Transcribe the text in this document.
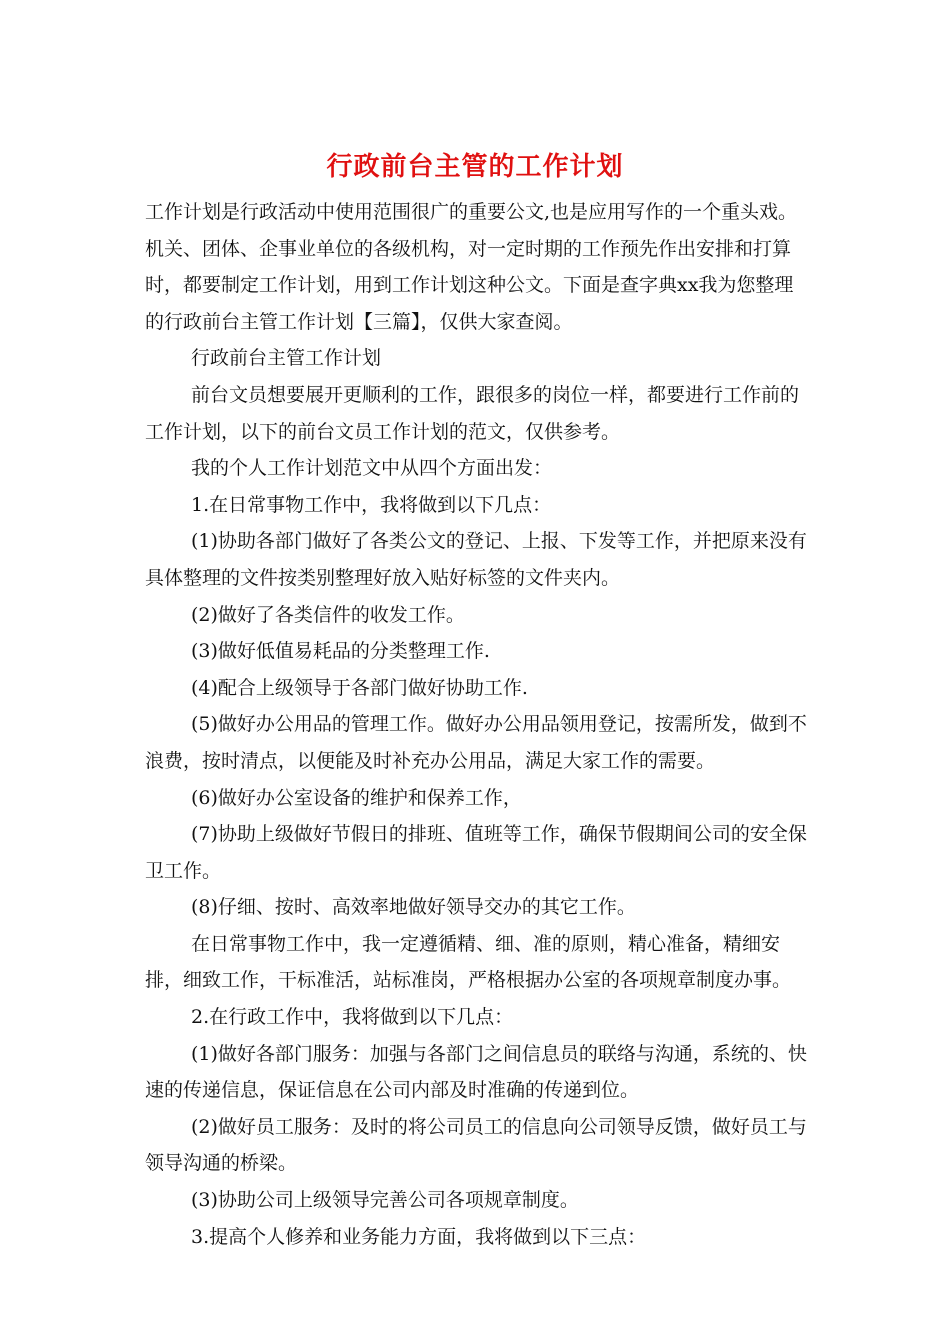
行政前台主管的工作计划

工作计划是行政活动中使用范围很广的重要公文,也是应用写作的一个重头戏。机关、团体、企事业单位的各级机构，对一定时期的工作预先作出安排和打算时，都要制定工作计划，用到工作计划这种公文。下面是查字典xx我为您整理的行政前台主管工作计划【三篇】，仅供大家查阅。

行政前台主管工作计划

前台文员想要展开更顺利的工作，跟很多的岗位一样，都要进行工作前的工作计划，以下的前台文员工作计划的范文，仅供参考。

我的个人工作计划范文中从四个方面出发：

1.在日常事物工作中，我将做到以下几点：

(1)协助各部门做好了各类公文的登记、上报、下发等工作，并把原来没有具体整理的文件按类别整理好放入贴好标签的文件夹内。

(2)做好了各类信件的收发工作。

(3)做好低值易耗品的分类整理工作.

(4)配合上级领导于各部门做好协助工作.

(5)做好办公用品的管理工作。做好办公用品领用登记，按需所发，做到不浪费，按时清点，以便能及时补充办公用品，满足大家工作的需要。

(6)做好办公室设备的维护和保养工作，

(7)协助上级做好节假日的排班、值班等工作，确保节假期间公司的安全保卫工作。

(8)仔细、按时、高效率地做好领导交办的其它工作。

在日常事物工作中，我一定遵循精、细、准的原则，精心准备，精细安排，细致工作，干标准活，站标准岗，严格根据办公室的各项规章制度办事。

2.在行政工作中，我将做到以下几点：

(1)做好各部门服务：加强与各部门之间信息员的联络与沟通，系统的、快速的传递信息，保证信息在公司内部及时准确的传递到位。

(2)做好员工服务：及时的将公司员工的信息向公司领导反馈，做好员工与领导沟通的桥梁。

(3)协助公司上级领导完善公司各项规章制度。

3.提高个人修养和业务能力方面，我将做到以下三点：
